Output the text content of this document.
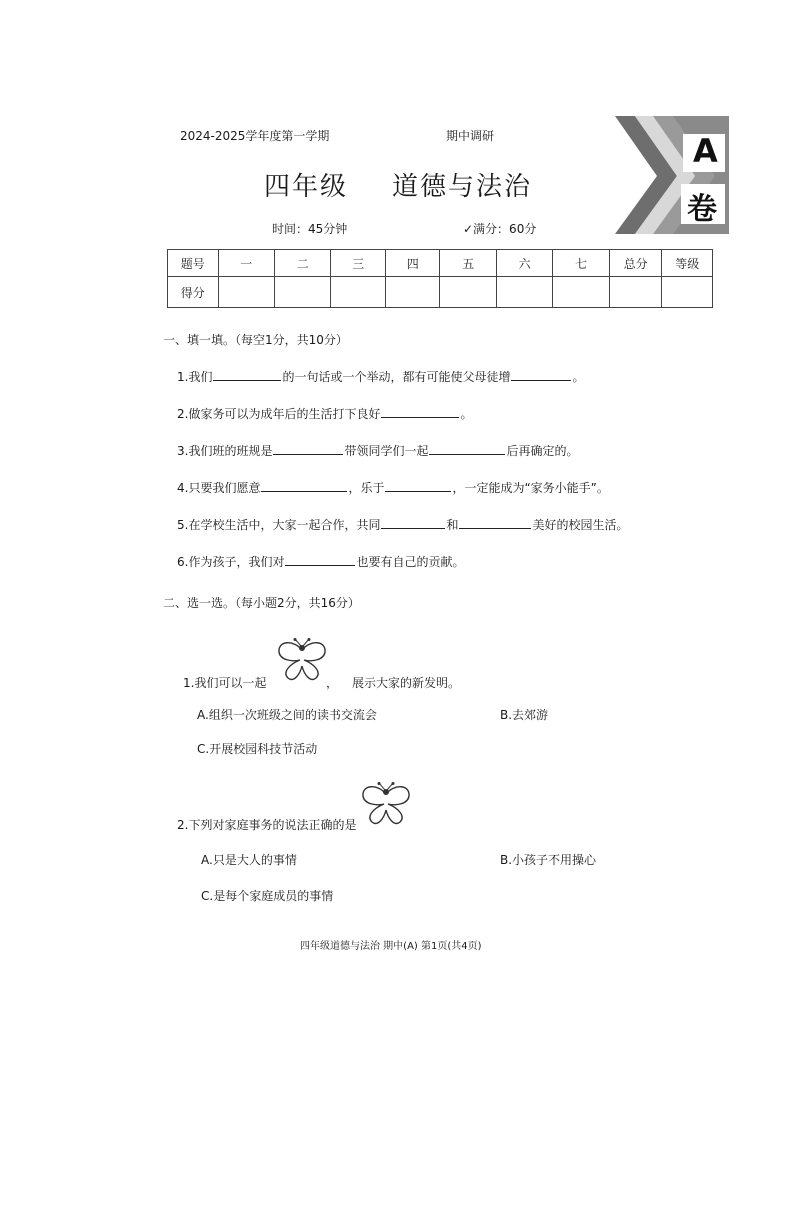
2024-2025学年度第一学期	期中调研
四年级 道德与法治
时间：45分钟	✓满分：60分
A
卷
题号	一	二	三	四	五	六	七	总分	等级
得分									
一、填一填。（每空1分，共10分）
1.我们	的一句话或一个举动，都有可能使父母徒增	。
2.做家务可以为成年后的生活打下良好	。
3.我们班的班规是	带领同学们一起	后再确定的。
4.只要我们愿意	，乐于	，一定能成为“家务小能手”。
5.在学校生活中，大家一起合作，共同	和	美好的校园生活。
6.作为孩子，我们对	也要有自己的贡献。
二、选一选。（每小题2分，共16分）
1.我们可以一起	， 展示大家的新发明。
A.组织一次班级之间的读书交流会	B.去郊游
C.开展校园科技节活动
2.下列对家庭事务的说法正确的是
A.只是大人的事情	B.小孩子不用操心
C.是每个家庭成员的事情
四年级道德与法治 期中(A) 第1页(共4页)
